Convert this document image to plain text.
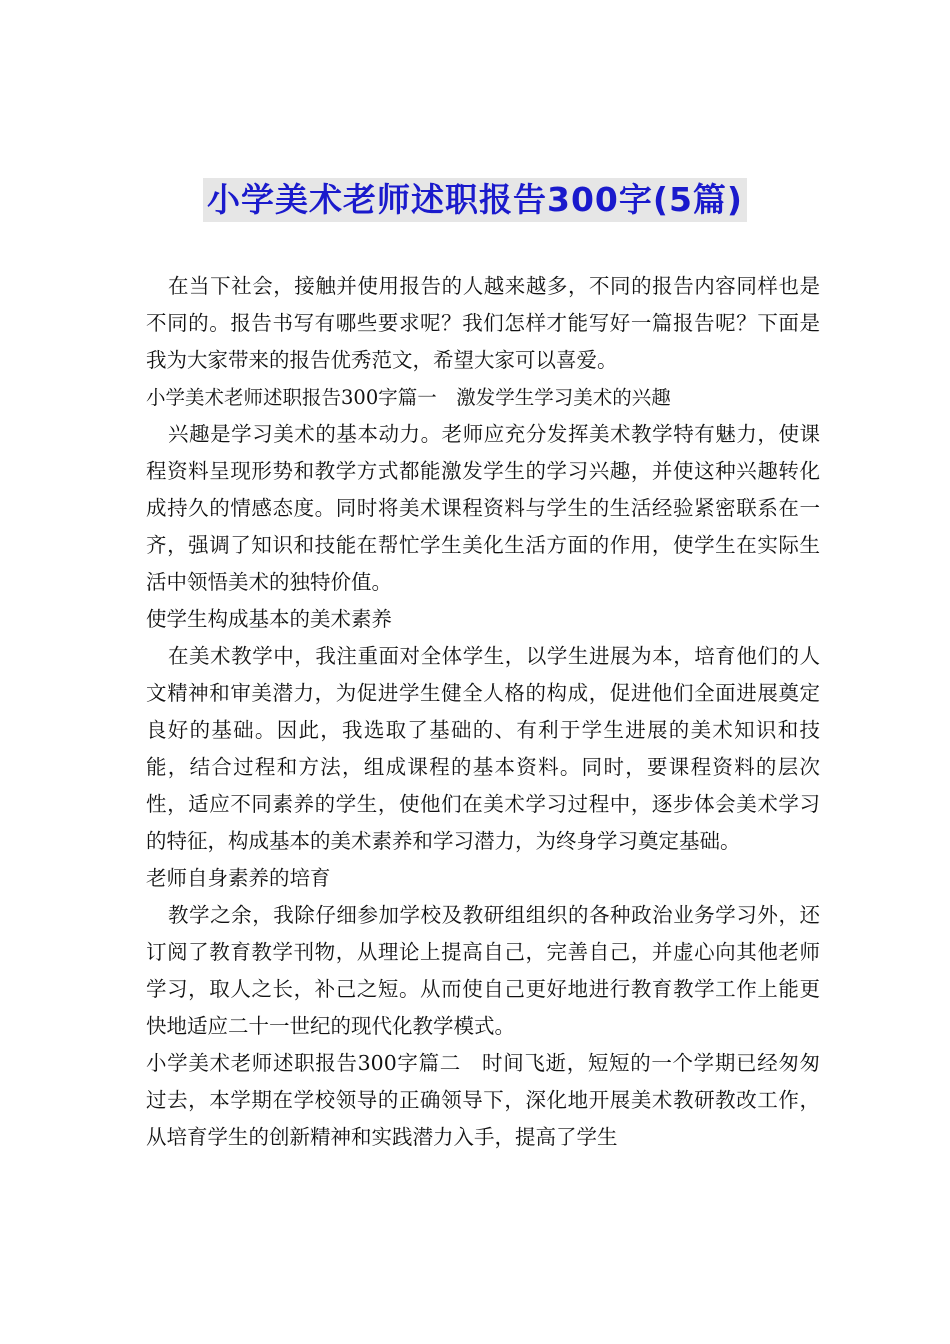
小学美术老师述职报告300字(5篇)

在当下社会，接触并使用报告的人越来越多，不同的报告内容同样也是不同的。报告书写有哪些要求呢？我们怎样才能写好一篇报告呢？下面是我为大家带来的报告优秀范文，希望大家可以喜爱。

小学美术老师述职报告300字篇一　激发学生学习美术的兴趣

兴趣是学习美术的基本动力。老师应充分发挥美术教学特有魅力，使课程资料呈现形势和教学方式都能激发学生的学习兴趣，并使这种兴趣转化成持久的情感态度。同时将美术课程资料与学生的生活经验紧密联系在一齐，强调了知识和技能在帮忙学生美化生活方面的作用，使学生在实际生活中领悟美术的独特价值。

使学生构成基本的美术素养

在美术教学中，我注重面对全体学生，以学生进展为本，培育他们的人文精神和审美潜力，为促进学生健全人格的构成，促进他们全面进展奠定良好的基础。因此，我选取了基础的、有利于学生进展的美术知识和技能，结合过程和方法，组成课程的基本资料。同时，要课程资料的层次性，适应不同素养的学生，使他们在美术学习过程中，逐步体会美术学习的特征，构成基本的美术素养和学习潜力，为终身学习奠定基础。

老师自身素养的培育

教学之余，我除仔细参加学校及教研组组织的各种政治业务学习外，还订阅了教育教学刊物，从理论上提高自己，完善自己，并虚心向其他老师学习，取人之长，补己之短。从而使自己更好地进行教育教学工作上能更快地适应二十一世纪的现代化教学模式。

小学美术老师述职报告300字篇二　时间飞逝，短短的一个学期已经匆匆过去，本学期在学校领导的正确领导下，深化地开展美术教研教改工作，从培育学生的创新精神和实践潜力入手，提高了学生
